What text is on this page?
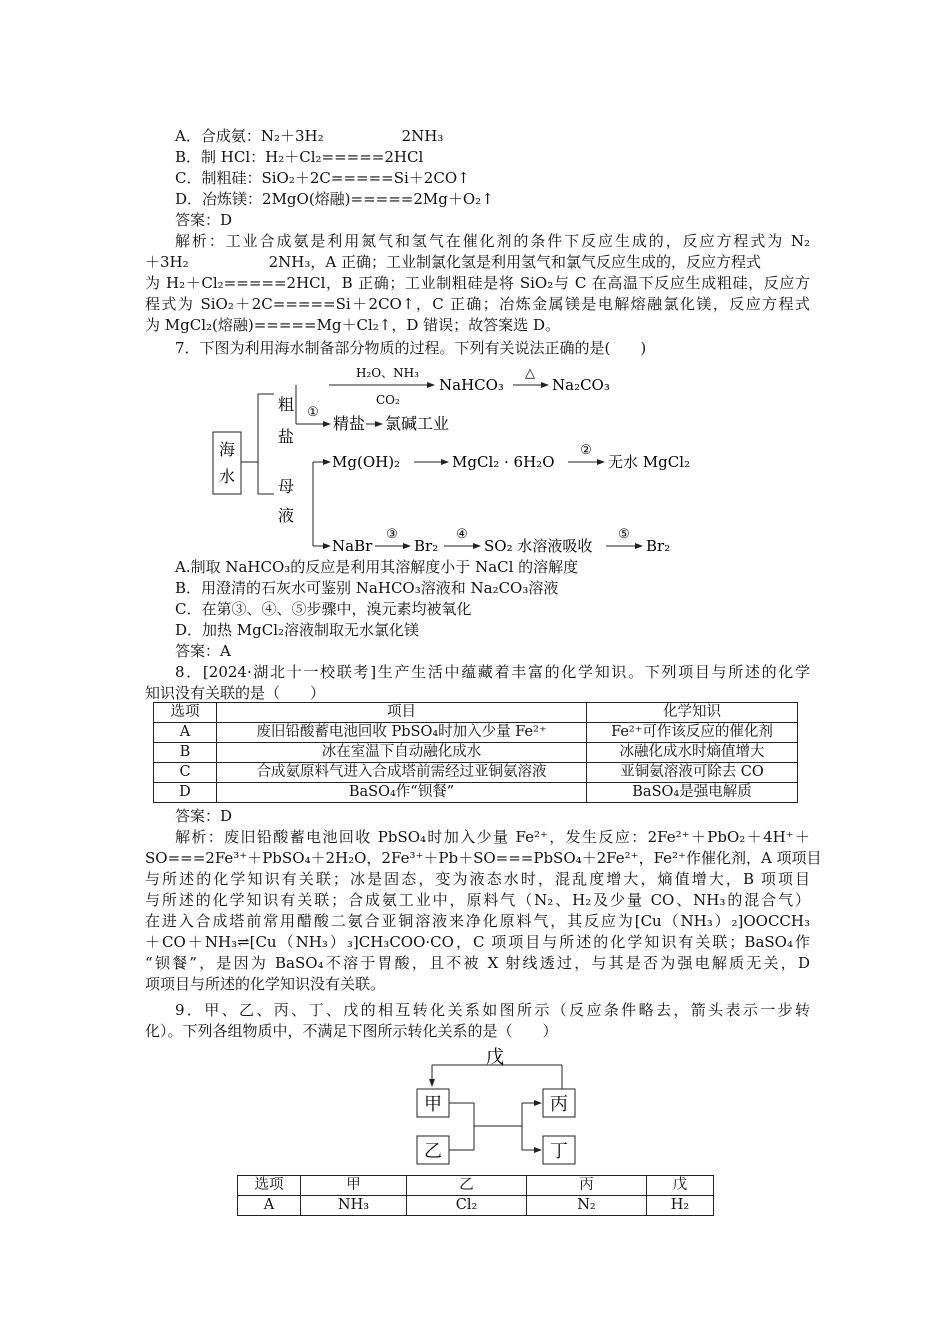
A．合成氨：N₂＋3H₂	2NH₃
B．制 HCl：H₂＋Cl₂=====2HCl
C．制粗硅：SiO₂＋2C=====Si＋2CO↑
D．冶炼镁：2MgO(熔融)=====2Mg＋O₂↑
答案：D
解析：工业合成氨是利用氮气和氢气在催化剂的条件下反应生成的，反应方程式为 N₂
＋3H₂	2NH₃，A 正确；工业制氯化氢是利用氢气和氯气反应生成的，反应方程式
为 H₂＋Cl₂=====2HCl，B 正确；工业制粗硅是将 SiO₂与 C 在高温下反应生成粗硅，反应方
程式为 SiO₂＋2C=====Si＋2CO↑，C 正确；冶炼金属镁是电解熔融氯化镁，反应方程式
为 MgCl₂(熔融)=====Mg＋Cl₂↑，D 错误；故答案选 D。
7．下图为利用海水制备部分物质的过程。下列有关说法正确的是(　　)
海
水
粗
盐
母
液
①
H₂O、NH₃
CO₂
NaHCO₃
△
Na₂CO₃
精盐 氯碱工业
Mg(OH)₂	MgCl₂ · 6H₂O
②
无水 MgCl₂
NaBr
③
Br₂
④
SO₂ 水溶液吸收
⑤
Br₂
A.制取 NaHCO₃的反应是利用其溶解度小于 NaCl 的溶解度
B．用澄清的石灰水可鉴别 NaHCO₃溶液和 Na₂CO₃溶液
C．在第③、④、⑤步骤中，溴元素均被氧化
D．加热 MgCl₂溶液制取无水氯化镁
答案：A
8．[2024·湖北十一校联考]生产生活中蕴藏着丰富的化学知识。下列项目与所述的化学
知识没有关联的是（　　）
选项	项目	化学知识
A	废旧铅酸蓄电池回收 PbSO₄时加入少量 Fe²⁺	Fe²⁺可作该反应的催化剂
B	冰在室温下自动融化成水	冰融化成水时熵值增大
C	合成氨原料气进入合成塔前需经过亚铜氨溶液	亚铜氨溶液可除去 CO
D	BaSO₄作“钡餐”	BaSO₄是强电解质
答案：D
解析：废旧铅酸蓄电池回收 PbSO₄时加入少量 Fe²⁺，发生反应：2Fe²⁺＋PbO₂＋4H⁺＋
SO===2Fe³⁺＋PbSO₄＋2H₂O，2Fe³⁺＋Pb＋SO===PbSO₄＋2Fe²⁺，Fe²⁺作催化剂，A 项项目
与所述的化学知识有关联；冰是固态，变为液态水时，混乱度增大，熵值增大，B 项项目
与所述的化学知识有关联；合成氨工业中，原料气（N₂、H₂及少量 CO、NH₃的混合气）
在进入合成塔前常用醋酸二氨合亚铜溶液来净化原料气，其反应为[Cu（NH₃）₂]OOCCH₃
＋CO＋NH₃⇌[Cu（NH₃）₃]CH₃COO·CO，C 项项目与所述的化学知识有关联；BaSO₄作
“钡餐”，是因为 BaSO₄不溶于胃酸，且不被 X 射线透过，与其是否为强电解质无关，D
项项目与所述的化学知识没有关联。
9．甲、乙、丙、丁、戊的相互转化关系如图所示（反应条件略去，箭头表示一步转
化）。下列各组物质中，不满足下图所示转化关系的是（　　）
戊
甲
乙
丙
丁
选项	甲	乙	丙	戊
A	NH₃	Cl₂	N₂	H₂
